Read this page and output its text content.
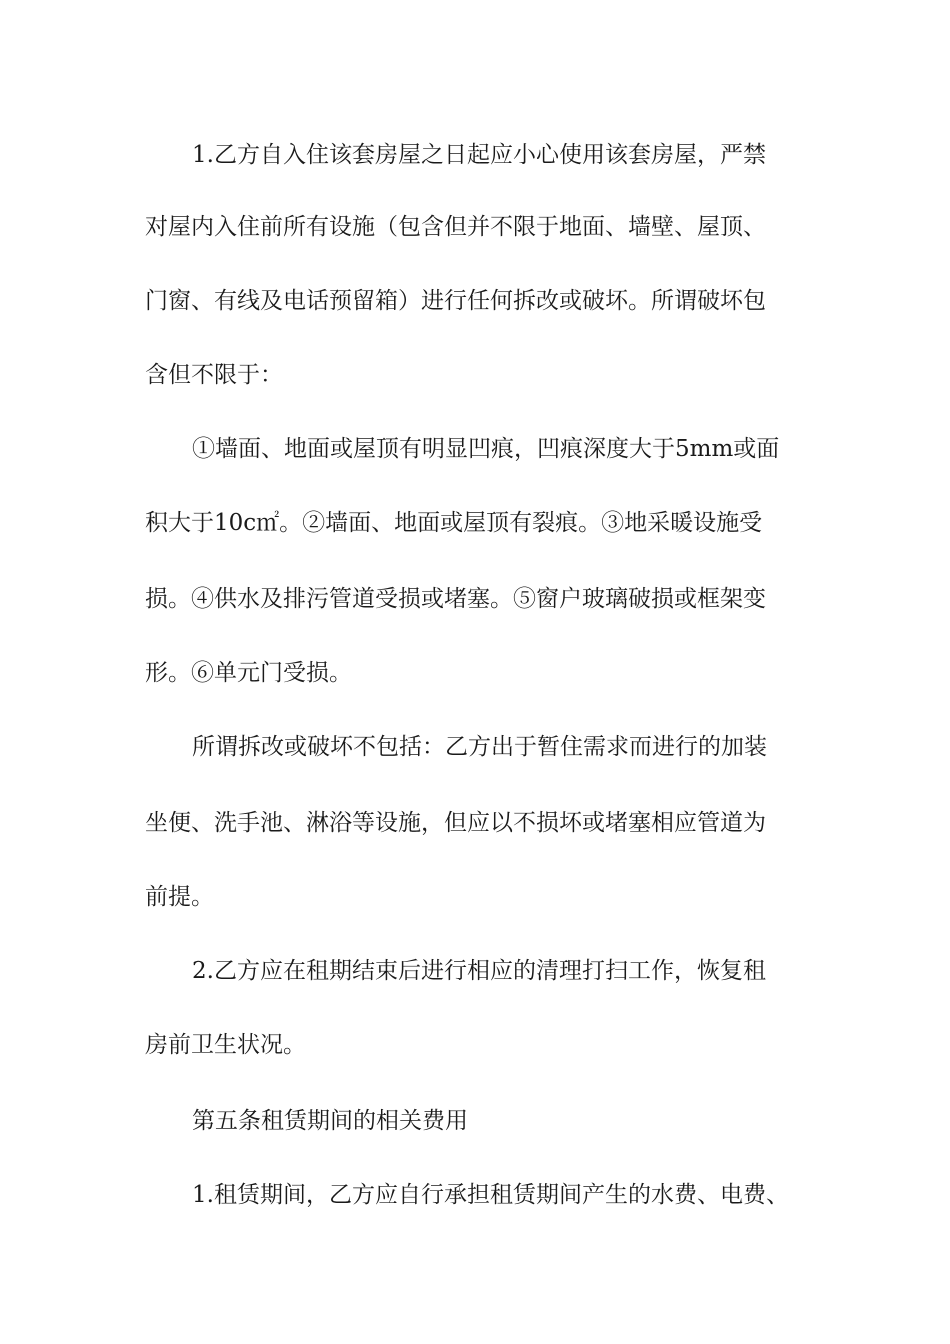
1.乙方自入住该套房屋之日起应小心使用该套房屋，严禁
对屋内入住前所有设施（包含但并不限于地面、墙壁、屋顶、
门窗、有线及电话预留箱）进行任何拆改或破坏。所谓破坏包
含但不限于：
①墙面、地面或屋顶有明显凹痕，凹痕深度大于5mm或面
积大于10c㎡。②墙面、地面或屋顶有裂痕。③地采暖设施受
损。④供水及排污管道受损或堵塞。⑤窗户玻璃破损或框架变
形。⑥单元门受损。
所谓拆改或破坏不包括：乙方出于暂住需求而进行的加装
坐便、洗手池、淋浴等设施，但应以不损坏或堵塞相应管道为
前提。
2.乙方应在租期结束后进行相应的清理打扫工作，恢复租
房前卫生状况。
第五条租赁期间的相关费用
1.租赁期间，乙方应自行承担租赁期间产生的水费、电费、
